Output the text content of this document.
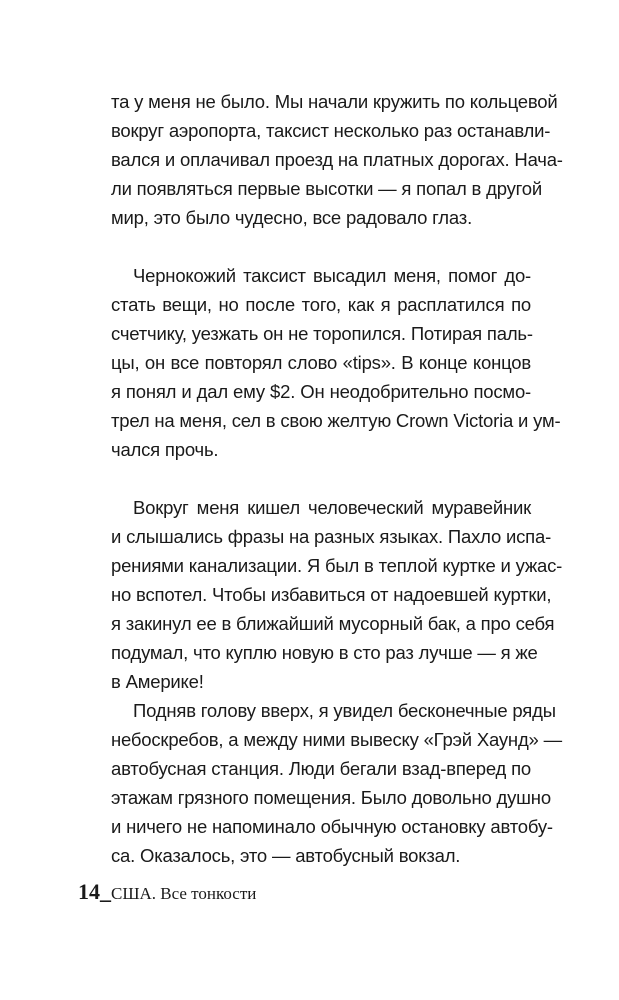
та у меня не было. Мы начали кружить по кольцевой
вокруг аэропорта, таксист несколько раз останавли-
вался и оплачивал проезд на платных дорогах. Нача-
ли появляться первые высотки — я попал в другой
мир, это было чудесно, все радовало глаз.
Чернокожий таксист высадил меня, помог до-
стать вещи, но после того, как я расплатился по
счетчику, уезжать он не торопился. Потирая паль-
цы, он все повторял слово «tips». В конце концов
я понял и дал ему $2. Он неодобрительно посмо-
трел на меня, сел в свою желтую Crown Victoria и ум-
чался прочь.
Вокруг меня кишел человеческий муравейник
и слышались фразы на разных языках. Пахло испа-
рениями канализации. Я был в теплой куртке и ужас-
но вспотел. Чтобы избавиться от надоевшей куртки,
я закинул ее в ближайший мусорный бак, а про себя
подумал, что куплю новую в сто раз лучше — я же
в Америке!
Подняв голову вверх, я увидел бесконечные ряды
небоскребов, а между ними вывеску «Грэй Хаунд» —
автобусная станция. Люди бегали взад-вперед по
этажам грязного помещения. Было довольно душно
и ничего не напоминало обычную остановку автобу-
са. Оказалось, это — автобусный вокзал.
14_США. Все тонкости
